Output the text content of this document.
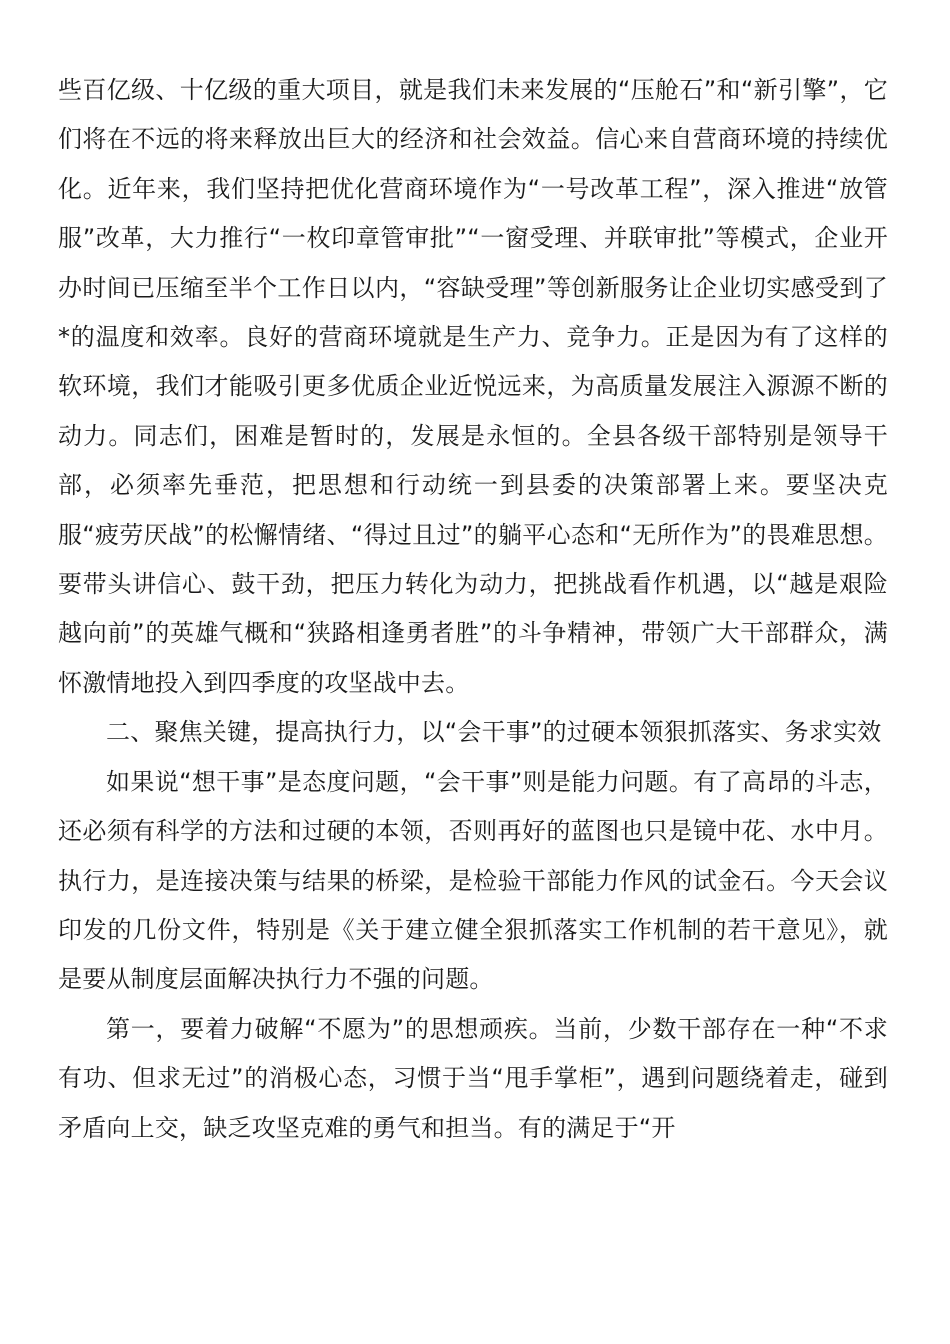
些百亿级、十亿级的重大项目，就是我们未来发展的“压舱石”和“新引擎”，它们将在不远的将来释放出巨大的经济和社会效益。信心来自营商环境的持续优化。近年来，我们坚持把优化营商环境作为“一号改革工程”，深入推进“放管服”改革，大力推行“一枚印章管审批”“一窗受理、并联审批”等模式，企业开办时间已压缩至半个工作日以内，“容缺受理”等创新服务让企业切实感受到了*的温度和效率。良好的营商环境就是生产力、竞争力。正是因为有了这样的软环境，我们才能吸引更多优质企业近悦远来，为高质量发展注入源源不断的动力。同志们，困难是暂时的，发展是永恒的。全县各级干部特别是领导干部，必须率先垂范，把思想和行动统一到县委的决策部署上来。要坚决克服“疲劳厌战”的松懈情绪、“得过且过”的躺平心态和“无所作为”的畏难思想。要带头讲信心、鼓干劲，把压力转化为动力，把挑战看作机遇，以“越是艰险越向前”的英雄气概和“狭路相逢勇者胜”的斗争精神，带领广大干部群众，满怀激情地投入到四季度的攻坚战中去。

二、聚焦关键，提高执行力，以“会干事”的过硬本领狠抓落实、务求实效

如果说“想干事”是态度问题，“会干事”则是能力问题。有了高昂的斗志，还必须有科学的方法和过硬的本领，否则再好的蓝图也只是镜中花、水中月。执行力，是连接决策与结果的桥梁，是检验干部能力作风的试金石。今天会议印发的几份文件，特别是《关于建立健全狠抓落实工作机制的若干意见》，就是要从制度层面解决执行力不强的问题。

第一，要着力破解“不愿为”的思想顽疾。当前，少数干部存在一种“不求有功、但求无过”的消极心态，习惯于当“甩手掌柜”，遇到问题绕着走，碰到矛盾向上交，缺乏攻坚克难的勇气和担当。有的满足于“开
